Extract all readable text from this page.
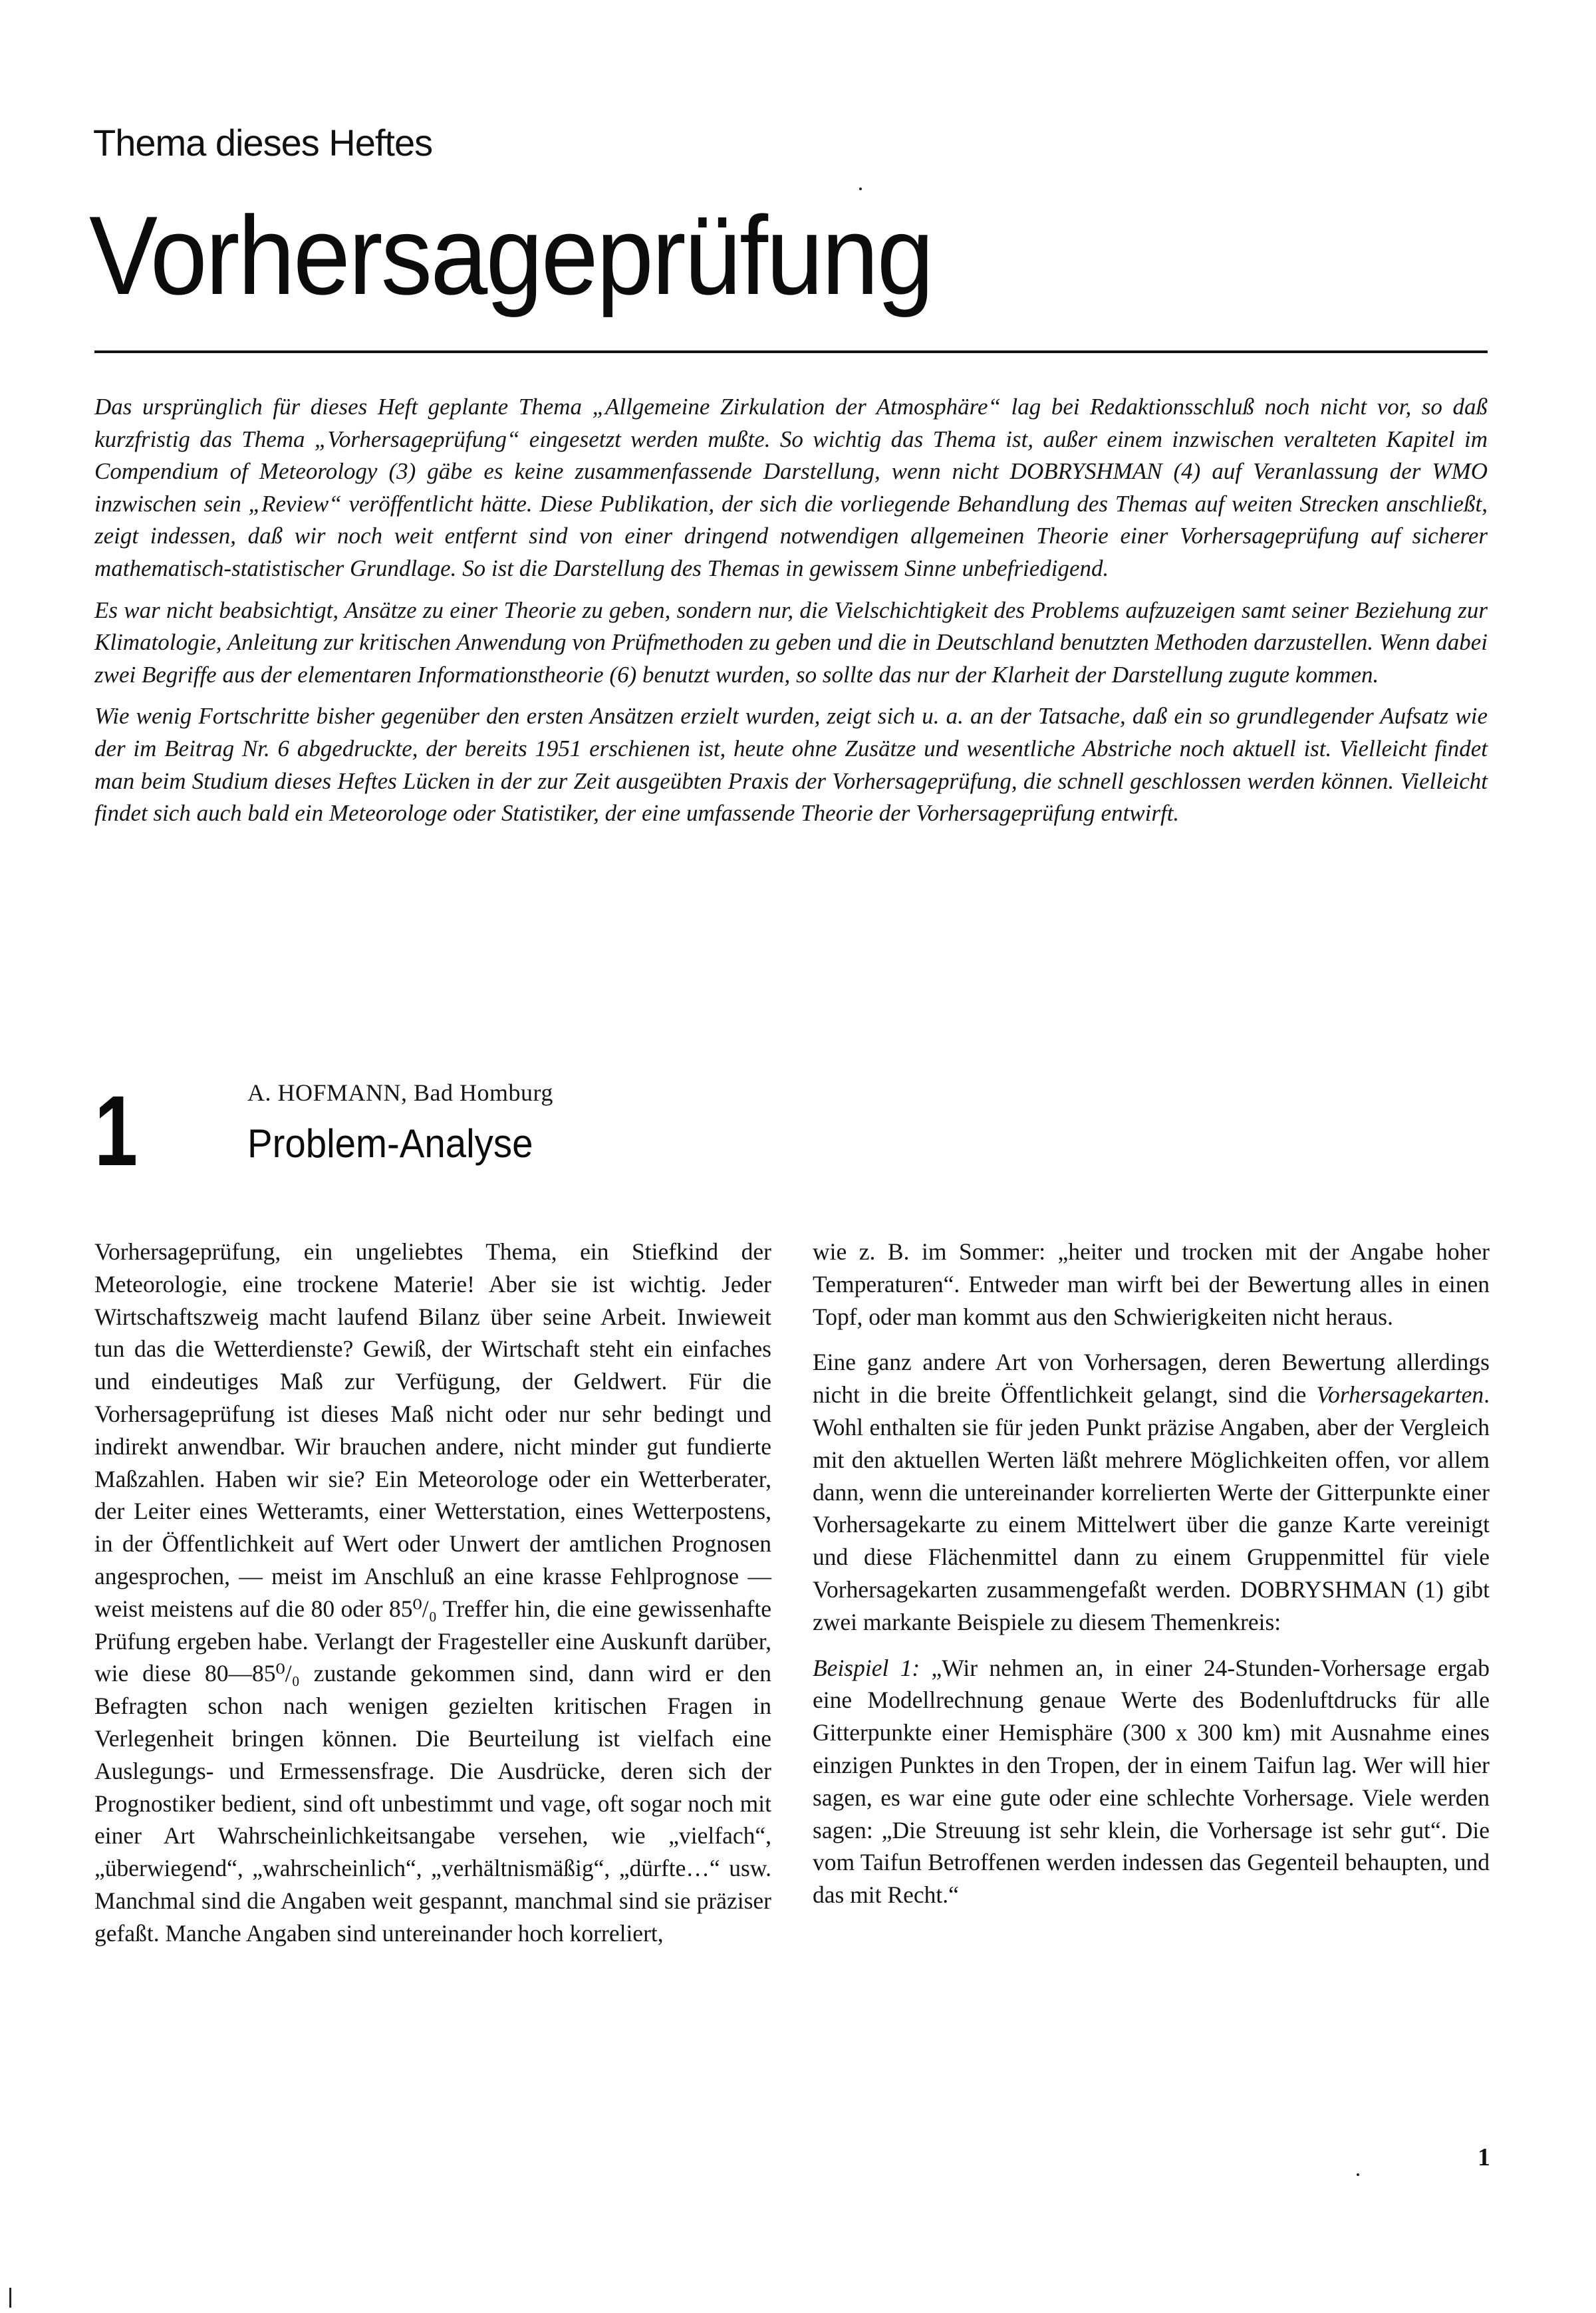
Thema dieses Heftes
Vorhersageprüfung

Das ursprünglich für dieses Heft geplante Thema „Allgemeine Zirkulation der Atmosphäre“ lag bei Redaktionsschluß noch nicht vor, so daß kurzfristig das Thema „Vorhersageprüfung“ eingesetzt werden mußte. So wichtig das Thema ist, außer einem inzwischen veralteten Kapitel im Compendium of Meteorology (3) gäbe es keine zusammenfassende Darstellung, wenn nicht DOBRYSHMAN (4) auf Veranlassung der WMO inzwischen sein „Review“ veröffentlicht hätte. Diese Publikation, der sich die vorliegende Behandlung des Themas auf weiten Strecken anschließt, zeigt indessen, daß wir noch weit entfernt sind von einer dringend notwendigen allgemeinen Theorie einer Vorhersageprüfung auf sicherer mathematisch-statistischer Grundlage. So ist die Darstellung des Themas in gewissem Sinne unbefriedigend.

Es war nicht beabsichtigt, Ansätze zu einer Theorie zu geben, sondern nur, die Vielschichtigkeit des Problems aufzuzeigen samt seiner Beziehung zur Klimatologie, Anleitung zur kritischen Anwendung von Prüfmethoden zu geben und die in Deutschland benutzten Methoden darzustellen. Wenn dabei zwei Begriffe aus der elementaren Informationstheorie (6) benutzt wurden, so sollte das nur der Klarheit der Darstellung zugute kommen.

Wie wenig Fortschritte bisher gegenüber den ersten Ansätzen erzielt wurden, zeigt sich u. a. an der Tatsache, daß ein so grundlegender Aufsatz wie der im Beitrag Nr. 6 abgedruckte, der bereits 1951 erschienen ist, heute ohne Zusätze und wesentliche Abstriche noch aktuell ist. Vielleicht findet man beim Studium dieses Heftes Lücken in der zur Zeit ausgeübten Praxis der Vorhersageprüfung, die schnell geschlossen werden können. Vielleicht findet sich auch bald ein Meteorologe oder Statistiker, der eine umfassende Theorie der Vorhersageprüfung entwirft.

1	A. HOFMANN, Bad Homburg
Problem-Analyse

Vorhersageprüfung, ein ungeliebtes Thema, ein Stiefkind der Meteorologie, eine trockene Materie! Aber sie ist wichtig. Jeder Wirtschaftszweig macht laufend Bilanz über seine Arbeit. Inwieweit tun das die Wetterdienste? Gewiß, der Wirtschaft steht ein einfaches und eindeutiges Maß zur Verfügung, der Geldwert. Für die Vorhersageprüfung ist dieses Maß nicht oder nur sehr bedingt und indirekt anwendbar. Wir brauchen andere, nicht minder gut fundierte Maßzahlen. Haben wir sie? Ein Meteorologe oder ein Wetterberater, der Leiter eines Wetteramts, einer Wetterstation, eines Wetterpostens, in der Öffentlichkeit auf Wert oder Unwert der amtlichen Prognosen angesprochen, — meist im Anschluß an eine krasse Fehlprognose — weist meistens auf die 80 oder 85⁰/₀ Treffer hin, die eine gewissenhafte Prüfung ergeben habe. Verlangt der Fragesteller eine Auskunft darüber, wie diese 80—85⁰/₀ zustande gekommen sind, dann wird er den Befragten schon nach wenigen gezielten kritischen Fragen in Verlegenheit bringen können. Die Beurteilung ist vielfach eine Auslegungs- und Ermessensfrage. Die Ausdrücke, deren sich der Prognostiker bedient, sind oft unbestimmt und vage, oft sogar noch mit einer Art Wahrscheinlichkeitsangabe versehen, wie „vielfach“, „überwiegend“, „wahrscheinlich“, „verhältnismäßig“, „dürfte…“ usw. Manchmal sind die Angaben weit gespannt, manchmal sind sie präziser gefaßt. Manche Angaben sind untereinander hoch korreliert,

wie z. B. im Sommer: „heiter und trocken mit der Angabe hoher Temperaturen“. Entweder man wirft bei der Bewertung alles in einen Topf, oder man kommt aus den Schwierigkeiten nicht heraus.

Eine ganz andere Art von Vorhersagen, deren Bewertung allerdings nicht in die breite Öffentlichkeit gelangt, sind die Vorhersagekarten. Wohl enthalten sie für jeden Punkt präzise Angaben, aber der Vergleich mit den aktuellen Werten läßt mehrere Möglichkeiten offen, vor allem dann, wenn die untereinander korrelierten Werte der Gitterpunkte einer Vorhersagekarte zu einem Mittelwert über die ganze Karte vereinigt und diese Flächenmittel dann zu einem Gruppenmittel für viele Vorhersagekarten zusammengefaßt werden. DOBRYSHMAN (1) gibt zwei markante Beispiele zu diesem Themenkreis:

Beispiel 1: „Wir nehmen an, in einer 24-Stunden-Vorhersage ergab eine Modellrechnung genaue Werte des Bodenluftdrucks für alle Gitterpunkte einer Hemisphäre (300 x 300 km) mit Ausnahme eines einzigen Punktes in den Tropen, der in einem Taifun lag. Wer will hier sagen, es war eine gute oder eine schlechte Vorhersage. Viele werden sagen: „Die Streuung ist sehr klein, die Vorhersage ist sehr gut“. Die vom Taifun Betroffenen werden indessen das Gegenteil behaupten, und das mit Recht.“

1
